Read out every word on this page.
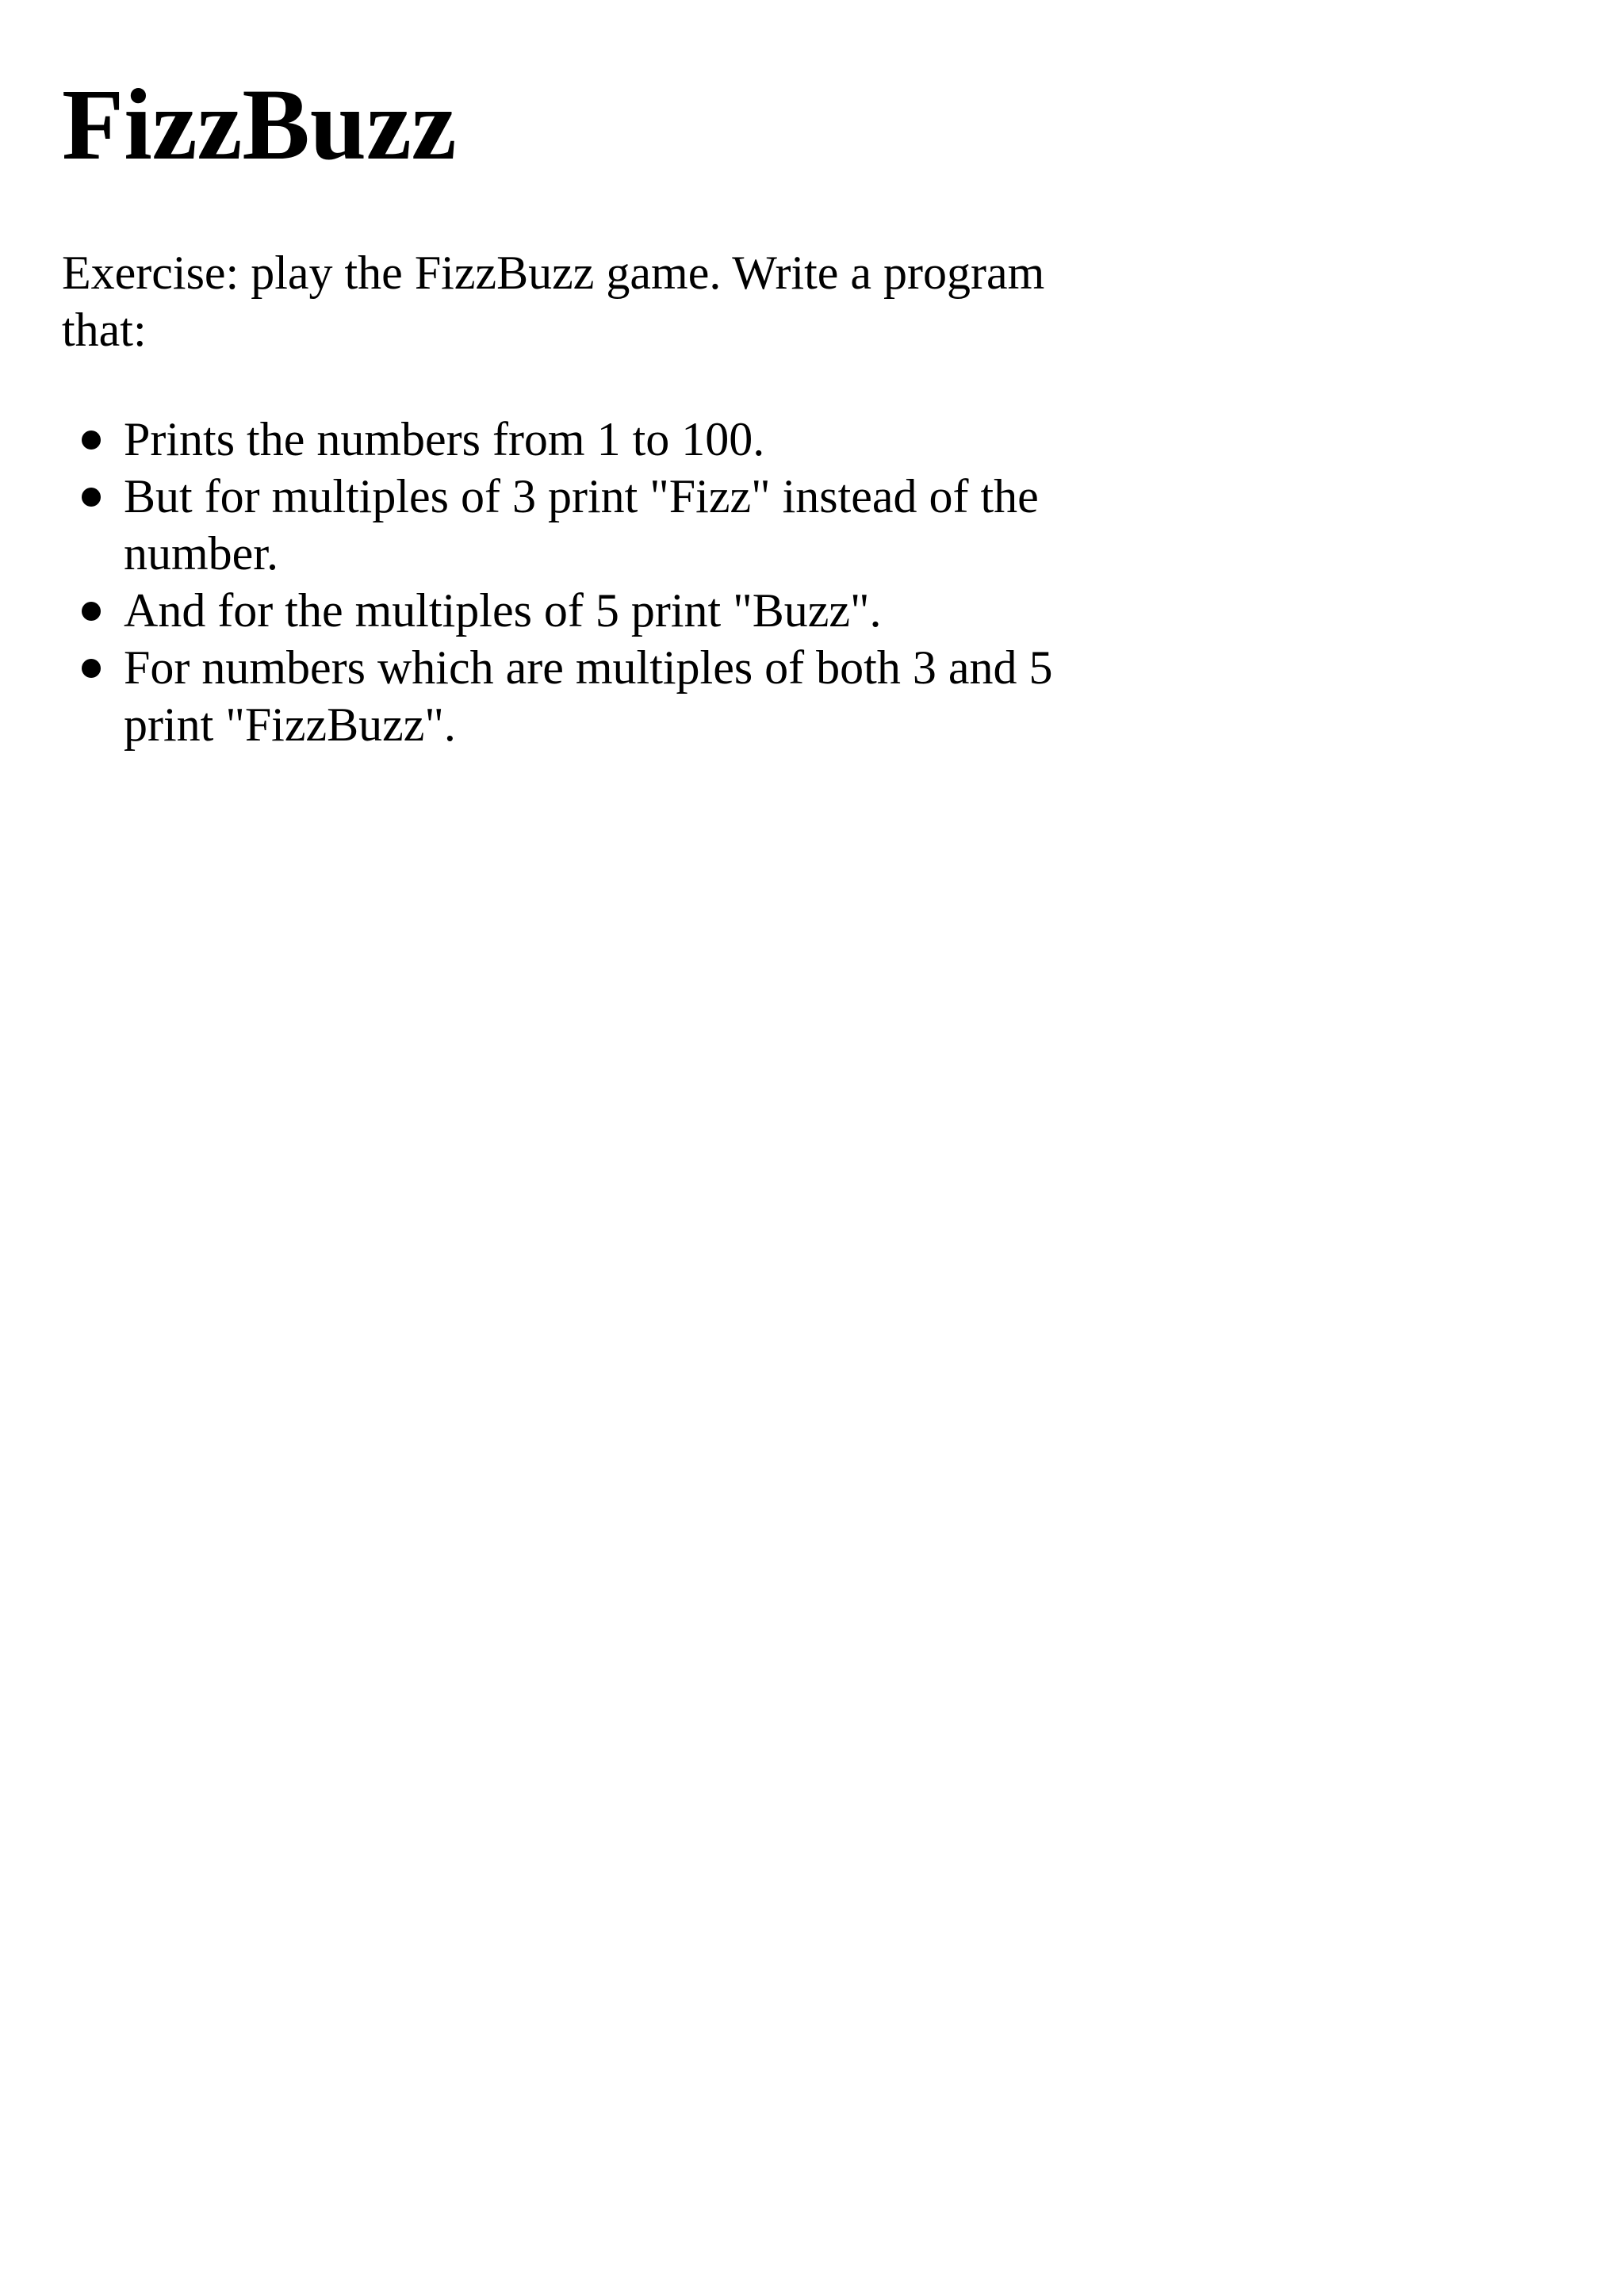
FizzBuzz

Exercise: play the FizzBuzz game. Write a program that:

Prints the numbers from 1 to 100.
But for multiples of 3 print "Fizz" instead of the number.
And for the multiples of 5 print "Buzz".
For numbers which are multiples of both 3 and 5 print "FizzBuzz".
